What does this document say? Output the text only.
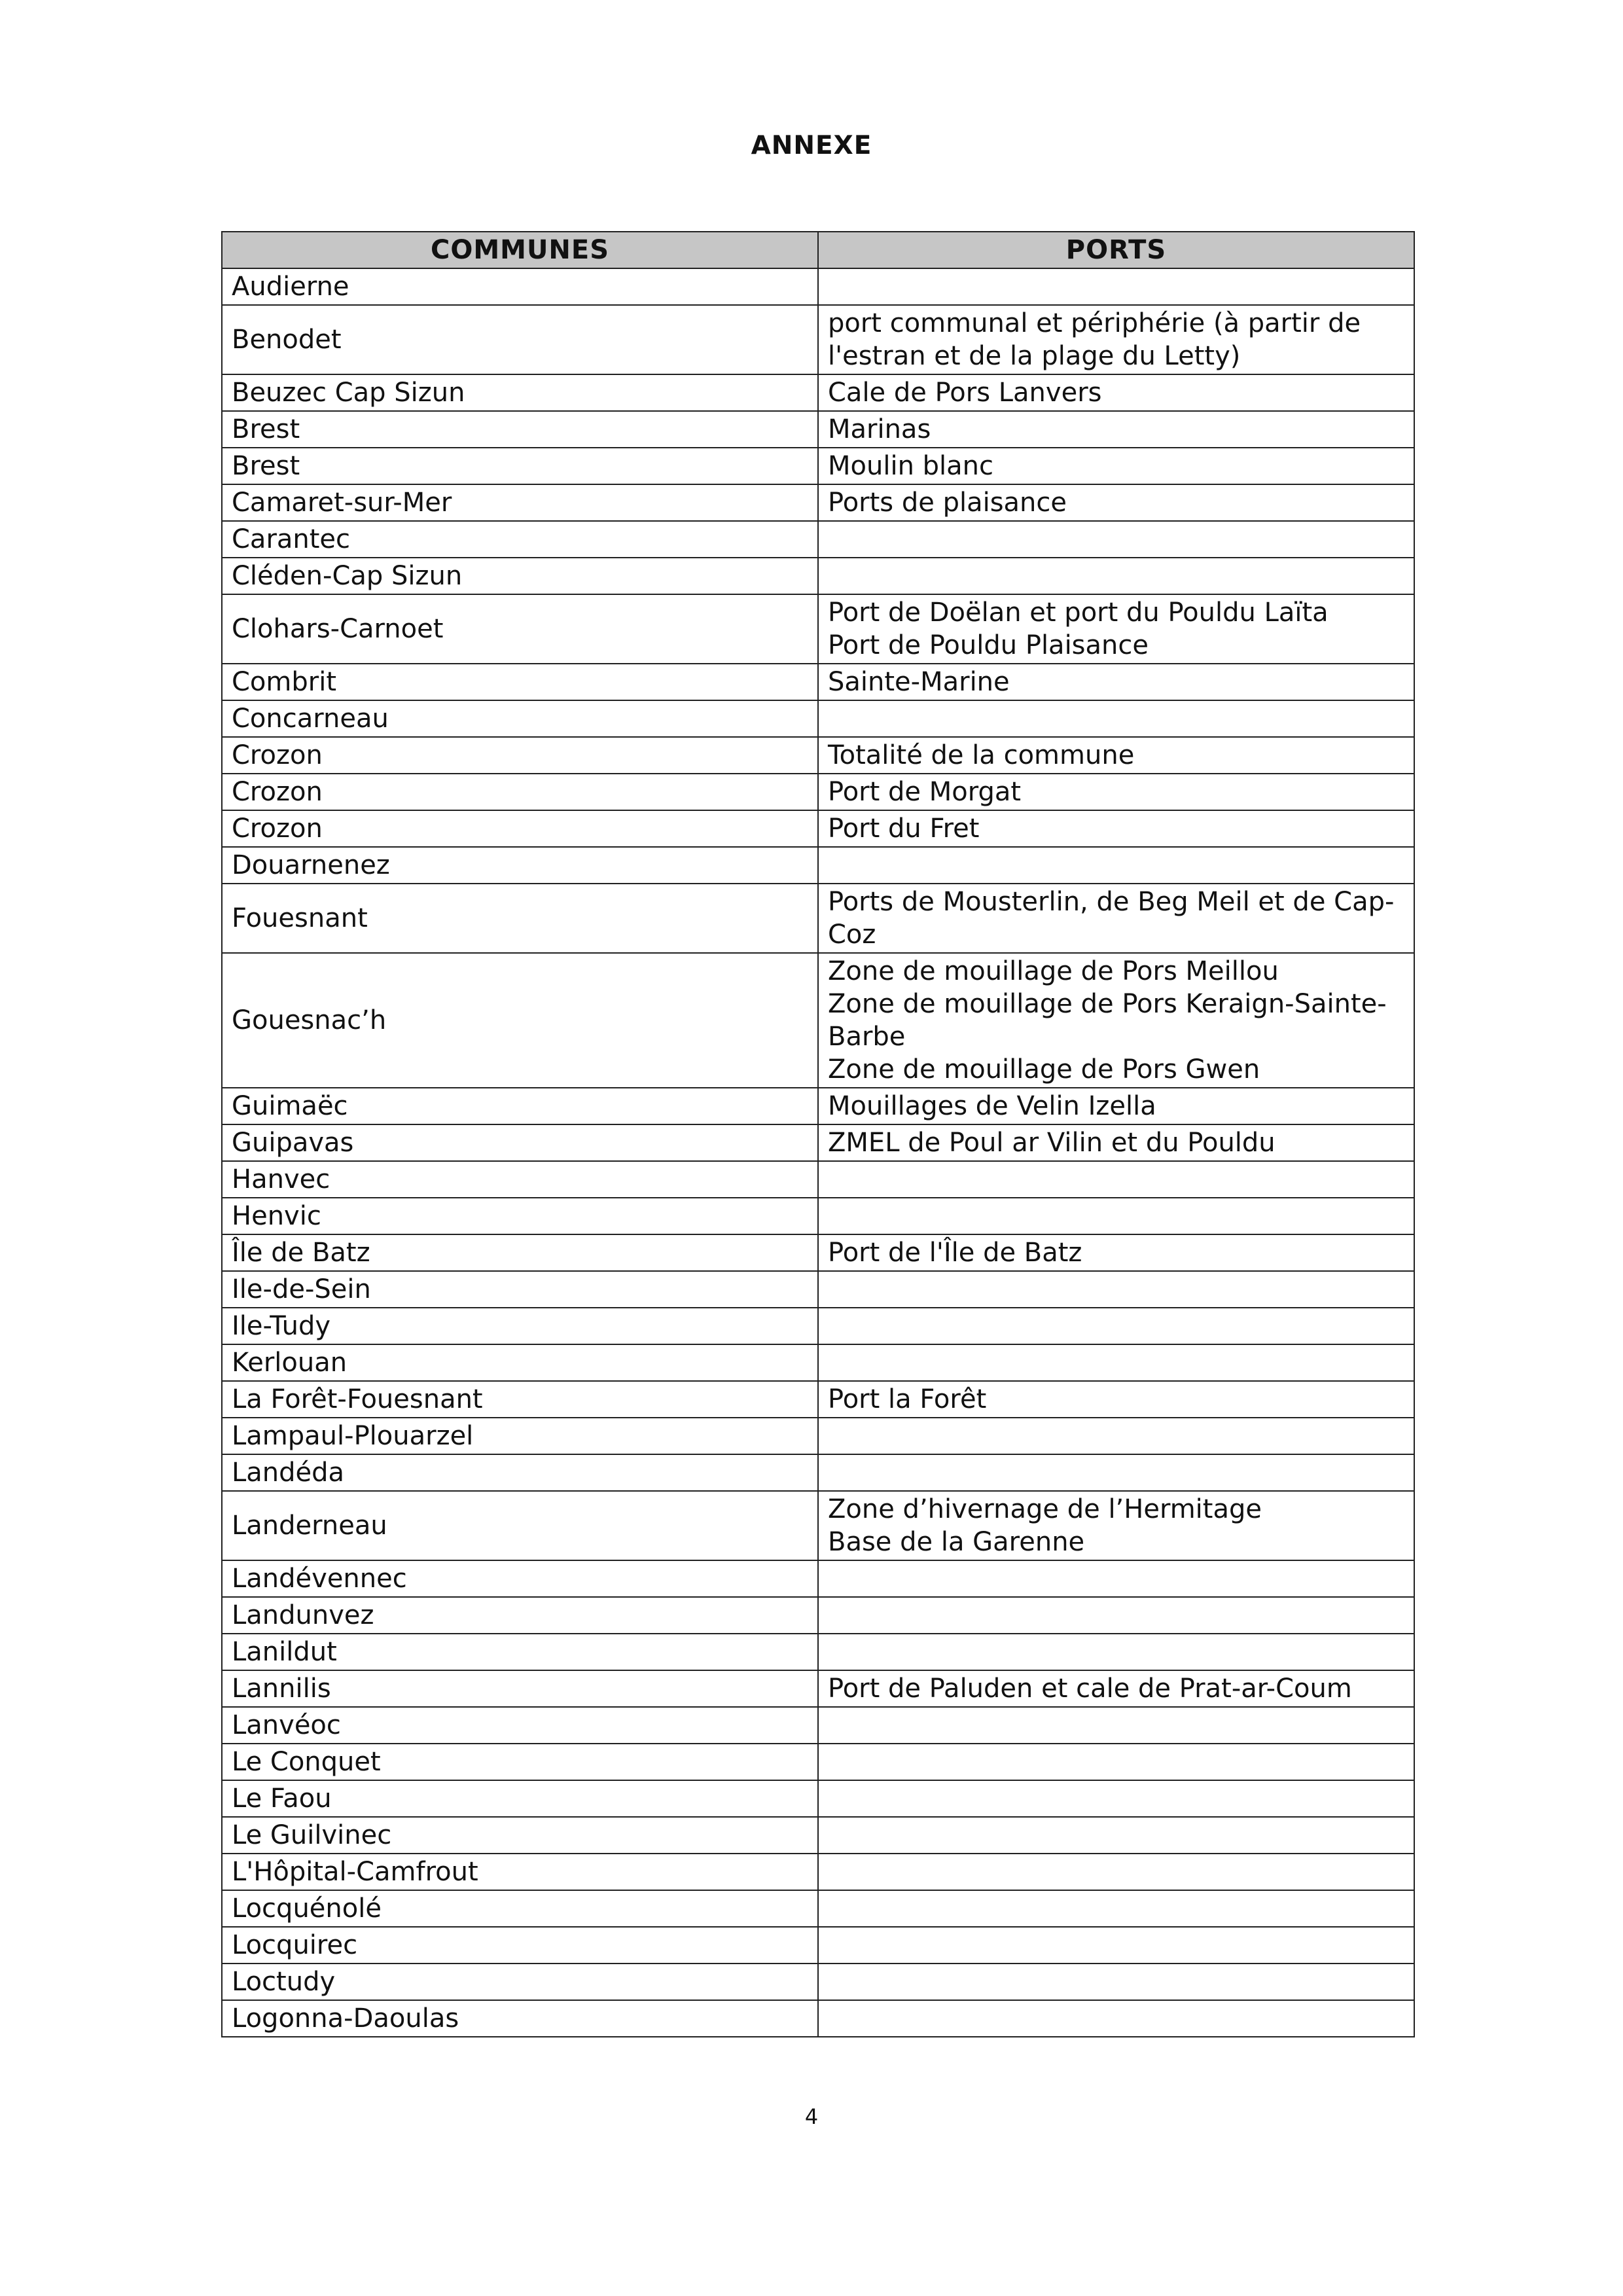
ANNEXE
COMMUNES	PORTS
Audierne	
Benodet	port communal et périphérie (à partir de
l'estran et de la plage du Letty)

Beuzec Cap Sizun	Cale de Pors Lanvers

Brest	Marinas

Brest	Moulin blanc

Camaret-sur-Mer	Ports de plaisance

Carantec	
Cléden-Cap Sizun	
Clohars-Carnoet	Port de Doëlan et port du Pouldu Laïta
Port de Pouldu Plaisance

Combrit	Sainte-Marine

Concarneau	
Crozon	Totalité de la commune

Crozon	Port de Morgat

Crozon	Port du Fret

Douarnenez	
Fouesnant	Ports de Mousterlin, de Beg Meil et de Cap-
Coz

Gouesnac’h	Zone de mouillage de Pors Meillou
Zone de mouillage de Pors Keraign-Sainte-
Barbe
Zone de mouillage de Pors Gwen

Guimaëc	Mouillages de Velin Izella

Guipavas	ZMEL de Poul ar Vilin et du Pouldu

Hanvec	
Henvic	
Île de Batz	Port de l'Île de Batz

Ile-de-Sein	
Ile-Tudy	
Kerlouan	
La Forêt-Fouesnant	Port la Forêt

Lampaul-Plouarzel	
Landéda	
Landerneau	Zone d’hivernage de l’Hermitage
Base de la Garenne

Landévennec	
Landunvez	
Lanildut	
Lannilis	Port de Paluden et cale de Prat-ar-Coum

Lanvéoc	
Le Conquet	
Le Faou	
Le Guilvinec	
L'Hôpital-Camfrout	
Locquénolé	
Locquirec	
Loctudy	
Logonna-Daoulas	
4
